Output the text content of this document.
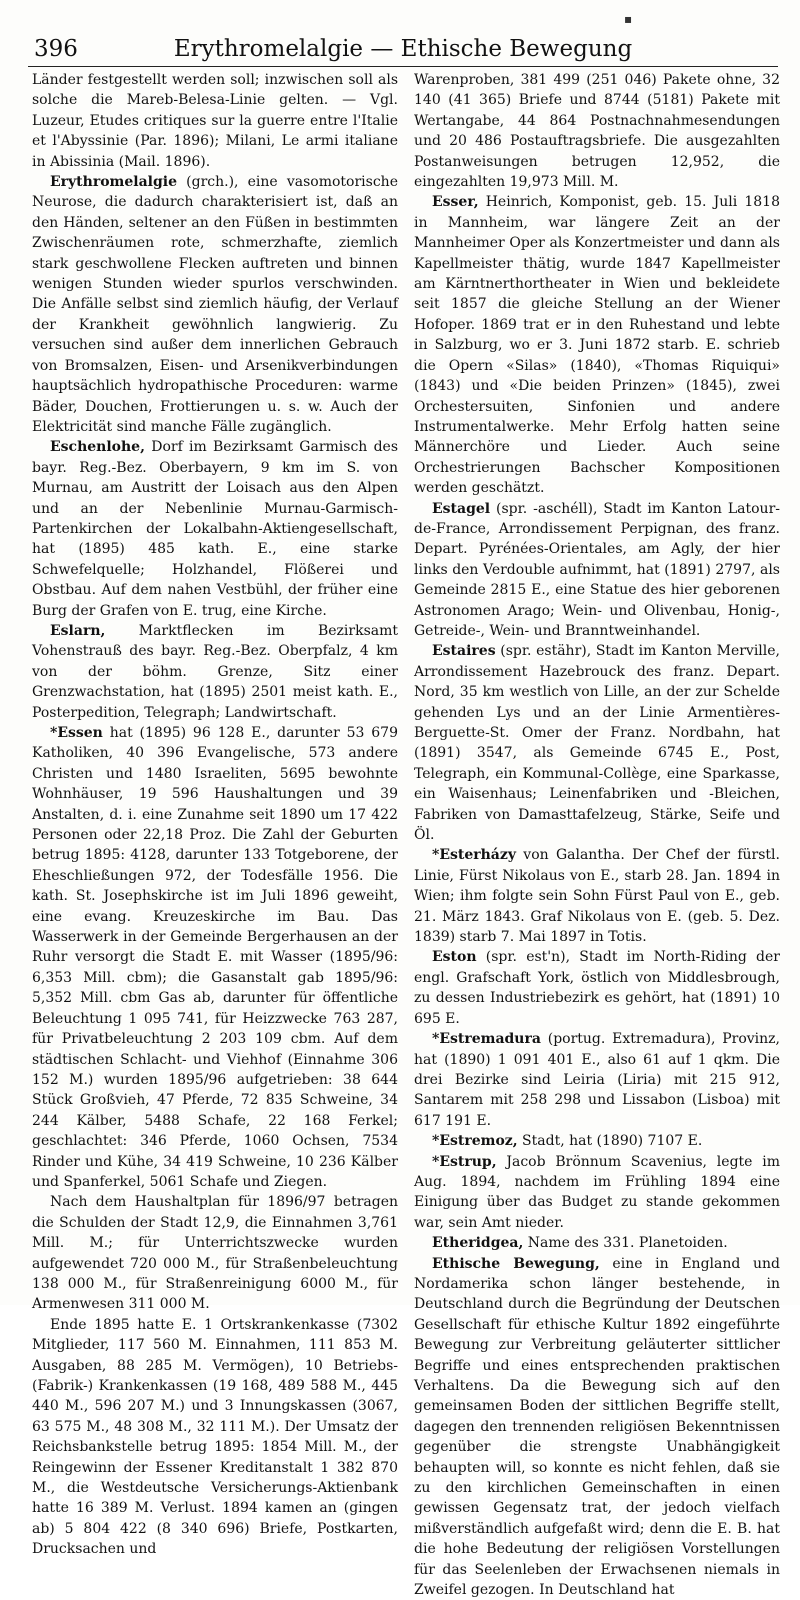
396	Erythromelalgie — Ethische Bewegung
▪

Länder festgestellt werden soll; inzwischen soll als solche die Mareb-Belesa-Linie gelten. — Vgl. Luzeur, Etudes critiques sur la guerre entre l'Italie et l'Abyssinie (Par. 1896); Milani, Le armi italiane in Abissinia (Mail. 1896).

Erythromelalgie (grch.), eine vasomotorische Neurose, die dadurch charakterisiert ist, daß an den Händen, seltener an den Füßen in bestimmten Zwischenräumen rote, schmerzhafte, ziemlich stark geschwollene Flecken auftreten und binnen wenigen Stunden wieder spurlos verschwinden. Die Anfälle selbst sind ziemlich häufig, der Verlauf der Krankheit gewöhnlich langwierig. Zu versuchen sind außer dem innerlichen Gebrauch von Bromsalzen, Eisen- und Arsenikverbindungen hauptsächlich hydropathische Proceduren: warme Bäder, Douchen, Frottierungen u. s. w. Auch der Elektricität sind manche Fälle zugänglich.

Eschenlohe, Dorf im Bezirksamt Garmisch des bayr. Reg.-Bez. Oberbayern, 9 km im S. von Murnau, am Austritt der Loisach aus den Alpen und an der Nebenlinie Murnau-Garmisch-Partenkirchen der Lokalbahn-Aktiengesellschaft, hat (1895) 485 kath. E., eine starke Schwefelquelle; Holzhandel, Flößerei und Obstbau. Auf dem nahen Vestbühl, der früher eine Burg der Grafen von E. trug, eine Kirche.

Eslarn, Marktflecken im Bezirksamt Vohenstrauß des bayr. Reg.-Bez. Oberpfalz, 4 km von der böhm. Grenze, Sitz einer Grenzwachstation, hat (1895) 2501 meist kath. E., Posterpedition, Telegraph; Landwirtschaft.

*Essen hat (1895) 96 128 E., darunter 53 679 Katholiken, 40 396 Evangelische, 573 andere Christen und 1480 Israeliten, 5695 bewohnte Wohnhäuser, 19 596 Haushaltungen und 39 Anstalten, d. i. eine Zunahme seit 1890 um 17 422 Personen oder 22,18 Proz. Die Zahl der Geburten betrug 1895: 4128, darunter 133 Totgeborene, der Eheschließungen 972, der Todesfälle 1956. Die kath. St. Josephskirche ist im Juli 1896 geweiht, eine evang. Kreuzeskirche im Bau. Das Wasserwerk in der Gemeinde Bergerhausen an der Ruhr versorgt die Stadt E. mit Wasser (1895/96: 6,353 Mill. cbm); die Gasanstalt gab 1895/96: 5,352 Mill. cbm Gas ab, darunter für öffentliche Beleuchtung 1 095 741, für Heizzwecke 763 287, für Privatbeleuchtung 2 203 109 cbm. Auf dem städtischen Schlacht- und Viehhof (Einnahme 306 152 M.) wurden 1895/96 aufgetrieben: 38 644 Stück Großvieh, 47 Pferde, 72 835 Schweine, 34 244 Kälber, 5488 Schafe, 22 168 Ferkel; geschlachtet: 346 Pferde, 1060 Ochsen, 7534 Rinder und Kühe, 34 419 Schweine, 10 236 Kälber und Spanferkel, 5061 Schafe und Ziegen.

Nach dem Haushaltplan für 1896/97 betragen die Schulden der Stadt 12,9, die Einnahmen 3,761 Mill. M.; für Unterrichtszwecke wurden aufgewendet 720 000 M., für Straßenbeleuchtung 138 000 M., für Straßenreinigung 6000 M., für Armenwesen 311 000 M.

Ende 1895 hatte E. 1 Ortskrankenkasse (7302 Mitglieder, 117 560 M. Einnahmen, 111 853 M. Ausgaben, 88 285 M. Vermögen), 10 Betriebs- (Fabrik-) Krankenkassen (19 168, 489 588 M., 445 440 M., 596 207 M.) und 3 Innungskassen (3067, 63 575 M., 48 308 M., 32 111 M.). Der Umsatz der Reichsbankstelle betrug 1895: 1854 Mill. M., der Reingewinn der Essener Kreditanstalt 1 382 870 M., die Westdeutsche Versicherungs-Aktienbank hatte 16 389 M. Verlust. 1894 kamen an (gingen ab) 5 804 422 (8 340 696) Briefe, Postkarten, Drucksachen und

Warenproben, 381 499 (251 046) Pakete ohne, 32 140 (41 365) Briefe und 8744 (5181) Pakete mit Wertangabe, 44 864 Postnachnahmesendungen und 20 486 Postauftragsbriefe. Die ausgezahlten Postanweisungen betrugen 12,952, die eingezahlten 19,973 Mill. M.

Esser, Heinrich, Komponist, geb. 15. Juli 1818 in Mannheim, war längere Zeit an der Mannheimer Oper als Konzertmeister und dann als Kapellmeister thätig, wurde 1847 Kapellmeister am Kärntnerthortheater in Wien und bekleidete seit 1857 die gleiche Stellung an der Wiener Hofoper. 1869 trat er in den Ruhestand und lebte in Salzburg, wo er 3. Juni 1872 starb. E. schrieb die Opern «Silas» (1840), «Thomas Riquiqui» (1843) und «Die beiden Prinzen» (1845), zwei Orchestersuiten, Sinfonien und andere Instrumentalwerke. Mehr Erfolg hatten seine Männerchöre und Lieder. Auch seine Orchestrierungen Bachscher Kompositionen werden geschätzt.

Estagel (spr. -aschéll), Stadt im Kanton Latour-de-France, Arrondissement Perpignan, des franz. Depart. Pyrénées-Orientales, am Agly, der hier links den Verdouble aufnimmt, hat (1891) 2797, als Gemeinde 2815 E., eine Statue des hier geborenen Astronomen Arago; Wein- und Olivenbau, Honig-, Getreide-, Wein- und Branntweinhandel.

Estaires (spr. estähr), Stadt im Kanton Merville, Arrondissement Hazebrouck des franz. Depart. Nord, 35 km westlich von Lille, an der zur Schelde gehenden Lys und an der Linie Armentières-Berguette-St. Omer der Franz. Nordbahn, hat (1891) 3547, als Gemeinde 6745 E., Post, Telegraph, ein Kommunal-Collège, eine Sparkasse, ein Waisenhaus; Leinenfabriken und -Bleichen, Fabriken von Damasttafelzeug, Stärke, Seife und Öl.

*Esterházy von Galantha. Der Chef der fürstl. Linie, Fürst Nikolaus von E., starb 28. Jan. 1894 in Wien; ihm folgte sein Sohn Fürst Paul von E., geb. 21. März 1843. Graf Nikolaus von E. (geb. 5. Dez. 1839) starb 7. Mai 1897 in Totis.

Eston (spr. est'n), Stadt im North-Riding der engl. Grafschaft York, östlich von Middlesbrough, zu dessen Industriebezirk es gehört, hat (1891) 10 695 E.

*Estremadura (portug. Extremadura), Provinz, hat (1890) 1 091 401 E., also 61 auf 1 qkm. Die drei Bezirke sind Leiria (Liria) mit 215 912, Santarem mit 258 298 und Lissabon (Lisboa) mit 617 191 E.

*Estremoz, Stadt, hat (1890) 7107 E.

*Estrup, Jacob Brönnum Scavenius, legte im Aug. 1894, nachdem im Frühling 1894 eine Einigung über das Budget zu stande gekommen war, sein Amt nieder.

Etheridgea, Name des 331. Planetoiden.

Ethische Bewegung, eine in England und Nordamerika schon länger bestehende, in Deutschland durch die Begründung der Deutschen Gesellschaft für ethische Kultur 1892 eingeführte Bewegung zur Verbreitung geläuterter sittlicher Begriffe und eines entsprechenden praktischen Verhaltens. Da die Bewegung sich auf den gemeinsamen Boden der sittlichen Begriffe stellt, dagegen den trennenden religiösen Bekenntnissen gegenüber die strengste Unabhängigkeit behaupten will, so konnte es nicht fehlen, daß sie zu den kirchlichen Gemeinschaften in einen gewissen Gegensatz trat, der jedoch vielfach mißverständlich aufgefaßt wird; denn die E. B. hat die hohe Bedeutung der religiösen Vorstellungen für das Seelenleben der Erwachsenen niemals in Zweifel gezogen. In Deutschland hat
